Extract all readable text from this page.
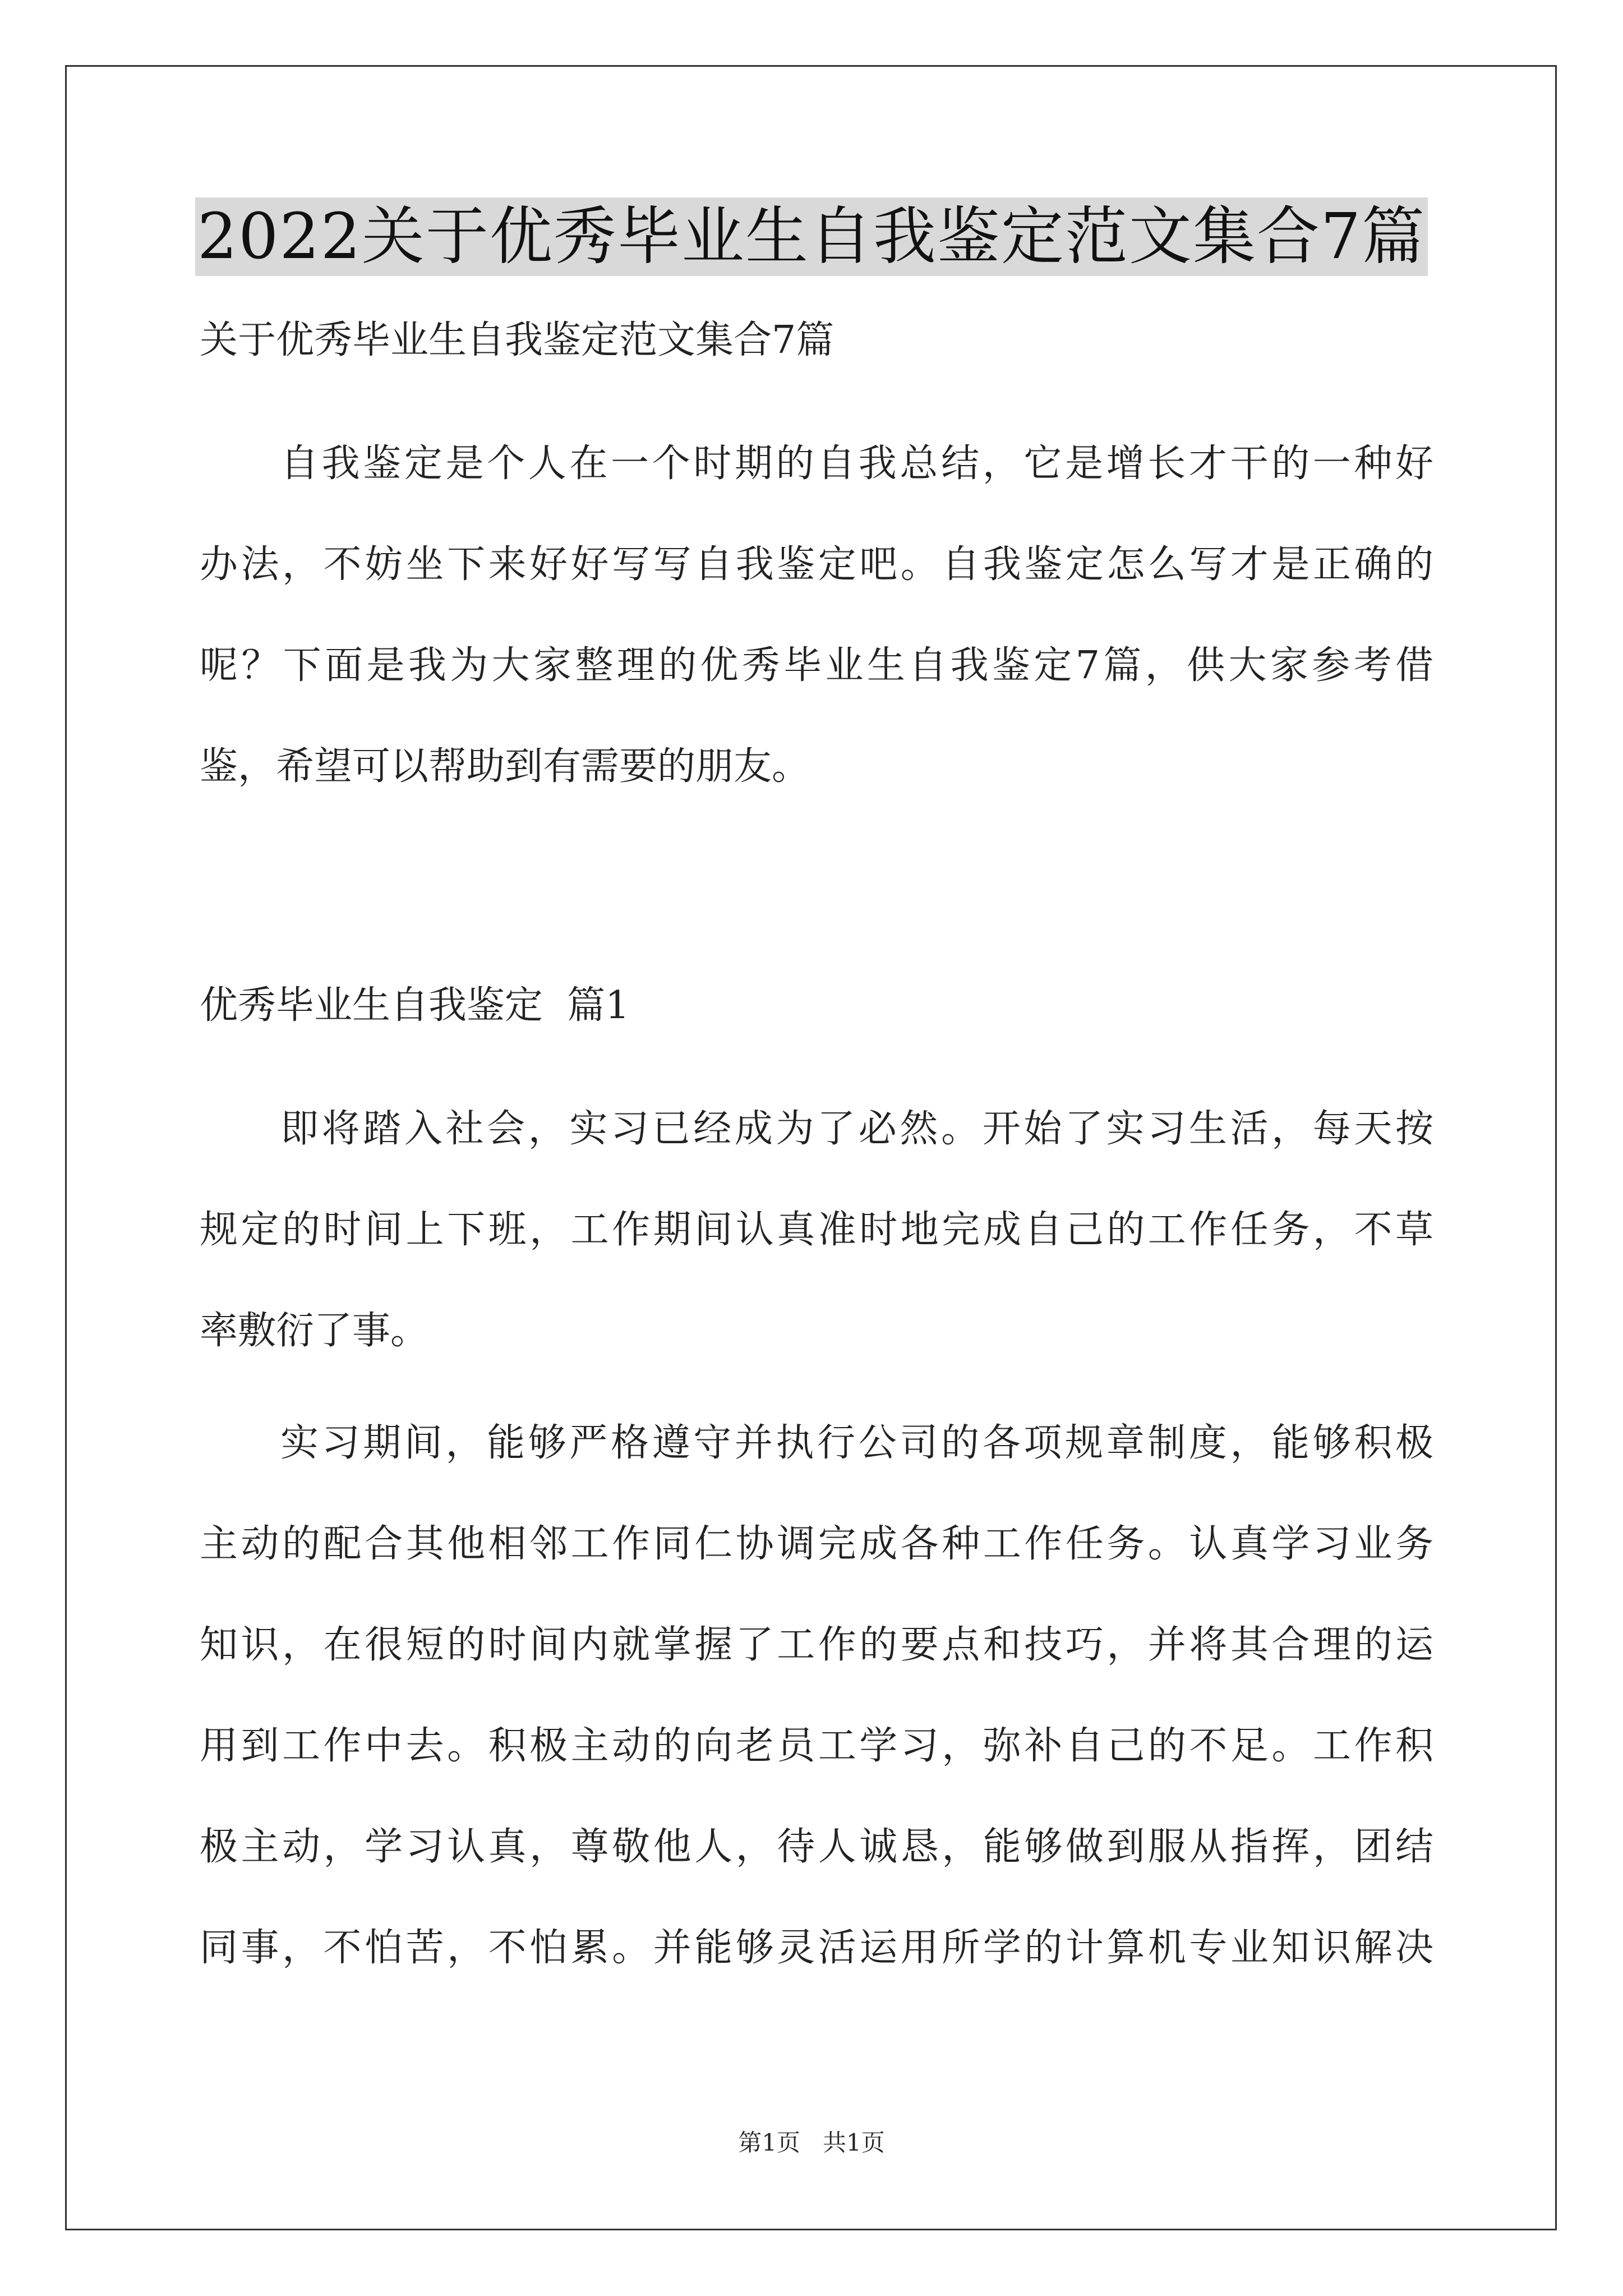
2022关于优秀毕业生自我鉴定范文集合7篇
关于优秀毕业生自我鉴定范文集合7篇
自我鉴定是个人在一个时期的自我总结，它是增长才干的一种好
办法，不妨坐下来好好写写自我鉴定吧。自我鉴定怎么写才是正确的
呢？下面是我为大家整理的优秀毕业生自我鉴定7篇，供大家参考借
鉴，希望可以帮助到有需要的朋友。
优秀毕业生自我鉴定  篇1
即将踏入社会，实习已经成为了必然。开始了实习生活，每天按
规定的时间上下班，工作期间认真准时地完成自己的工作任务，不草
率敷衍了事。
实习期间，能够严格遵守并执行公司的各项规章制度，能够积极
主动的配合其他相邻工作同仁协调完成各种工作任务。认真学习业务
知识，在很短的时间内就掌握了工作的要点和技巧，并将其合理的运
用到工作中去。积极主动的向老员工学习，弥补自己的不足。工作积
极主动，学习认真，尊敬他人，待人诚恳，能够做到服从指挥，团结
同事，不怕苦，不怕累。并能够灵活运用所学的计算机专业知识解决
第1页 共1页
